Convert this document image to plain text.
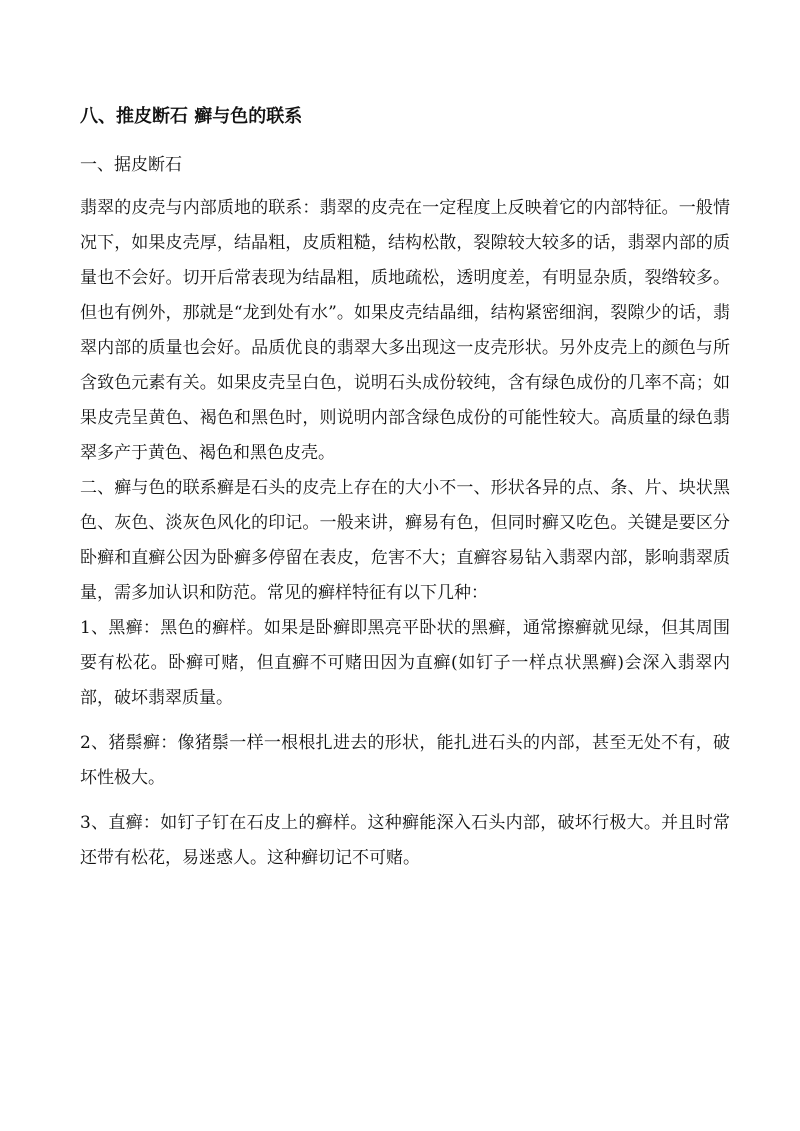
八、推皮断石 癣与色的联系
一、据皮断石

翡翠的皮壳与内部质地的联系：翡翠的皮壳在一定程度上反映着它的内部特征。一般情况下，如果皮壳厚，结晶粗，皮质粗糙，结构松散，裂隙较大较多的话，翡翠内部的质量也不会好。切开后常表现为结晶粗，质地疏松，透明度差，有明显杂质，裂绺较多。但也有例外，那就是“龙到处有水”。如果皮壳结晶细，结构紧密细润，裂隙少的话，翡翠内部的质量也会好。品质优良的翡翠大多出现这一皮壳形状。另外皮壳上的颜色与所含致色元素有关。如果皮壳呈白色，说明石头成份较纯，含有绿色成份的几率不高；如果皮壳呈黄色、褐色和黑色时，则说明内部含绿色成份的可能性较大。高质量的绿色翡翠多产于黄色、褐色和黑色皮壳。

二、癣与色的联系癣是石头的皮壳上存在的大小不一、形状各异的点、条、片、块状黑色、灰色、淡灰色风化的印记。一般来讲，癣易有色，但同时癣又吃色。关键是要区分卧癣和直癣公因为卧癣多停留在表皮，危害不大；直癣容易钻入翡翠内部，影响翡翠质量，需多加认识和防范。常见的癣样特征有以下几种：

1、黑癣：黑色的癣样。如果是卧癣即黑亮平卧状的黑癣，通常擦癣就见绿，但其周围要有松花。卧癣可赌，但直癣不可赌田因为直癣(如钉子一样点状黑癣)会深入翡翠内部，破坏翡翠质量。

2、猪鬃癣：像猪鬃一样一根根扎进去的形状，能扎进石头的内部，甚至无处不有，破坏性极大。

3、直癣：如钉子钉在石皮上的癣样。这种癣能深入石头内部，破坏行极大。并且时常还带有松花，易迷惑人。这种癣切记不可赌。
